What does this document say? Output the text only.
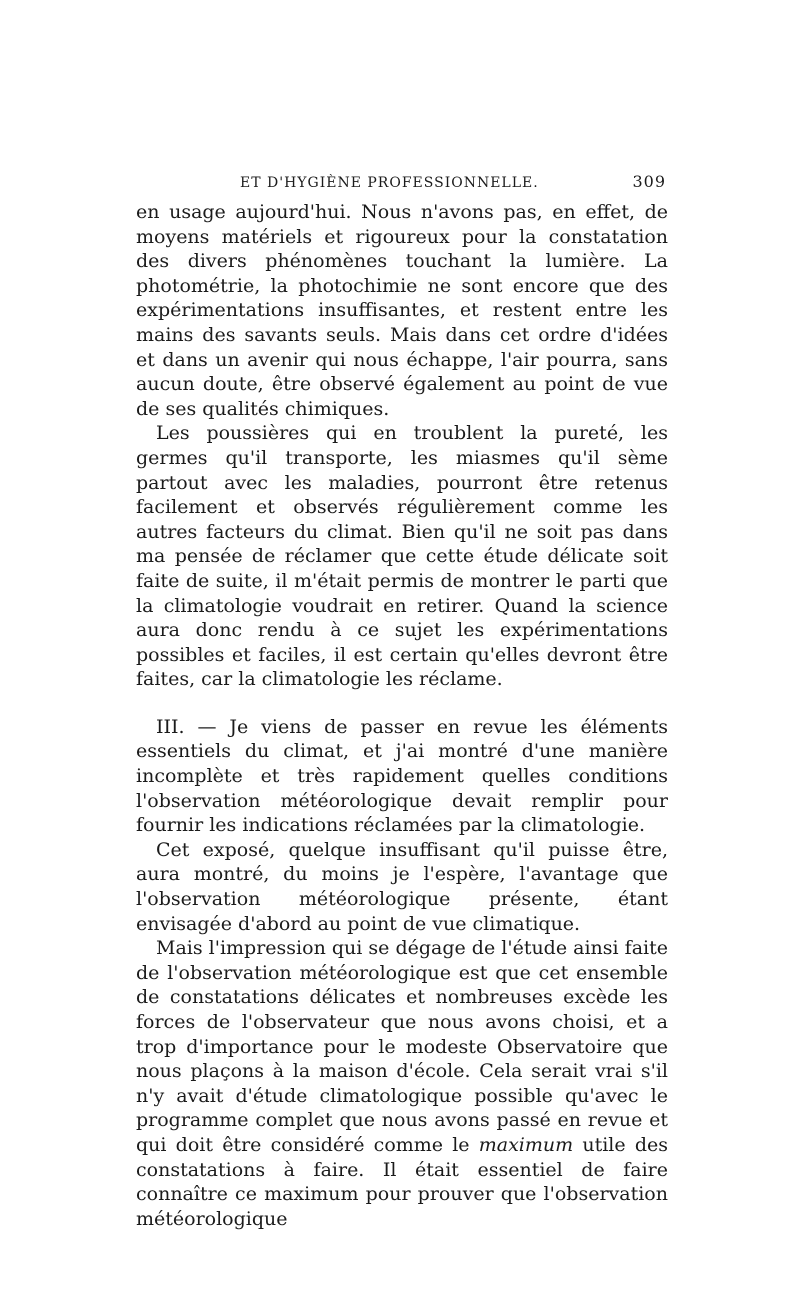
ET D'HYGIÈNE PROFESSIONNELLE.	309

en usage aujourd'hui. Nous n'avons pas, en effet, de moyens matériels et rigoureux pour la constatation des divers phénomènes touchant la lumière. La photométrie, la photochimie ne sont encore que des expérimentations insuffisantes, et restent entre les mains des savants seuls. Mais dans cet ordre d'idées et dans un avenir qui nous échappe, l'air pourra, sans aucun doute, être observé également au point de vue de ses qualités chimiques.

Les poussières qui en troublent la pureté, les germes qu'il transporte, les miasmes qu'il sème partout avec les maladies, pourront être retenus facilement et observés régulièrement comme les autres facteurs du climat. Bien qu'il ne soit pas dans ma pensée de réclamer que cette étude délicate soit faite de suite, il m'était permis de montrer le parti que la climatologie voudrait en retirer. Quand la science aura donc rendu à ce sujet les expérimentations possibles et faciles, il est certain qu'elles devront être faites, car la climatologie les réclame.

III. — Je viens de passer en revue les éléments essentiels du climat, et j'ai montré d'une manière incomplète et très rapidement quelles conditions l'observation météorologique devait remplir pour fournir les indications réclamées par la climatologie.

Cet exposé, quelque insuffisant qu'il puisse être, aura montré, du moins je l'espère, l'avantage que l'observation météorologique présente, étant envisagée d'abord au point de vue climatique.

Mais l'impression qui se dégage de l'étude ainsi faite de l'observation météorologique est que cet ensemble de constatations délicates et nombreuses excède les forces de l'observateur que nous avons choisi, et a trop d'importance pour le modeste Observatoire que nous plaçons à la maison d'école. Cela serait vrai s'il n'y avait d'étude climatologique possible qu'avec le programme complet que nous avons passé en revue et qui doit être considéré comme le maximum utile des constatations à faire. Il était essentiel de faire connaître ce maximum pour prouver que l'observation météorologique
